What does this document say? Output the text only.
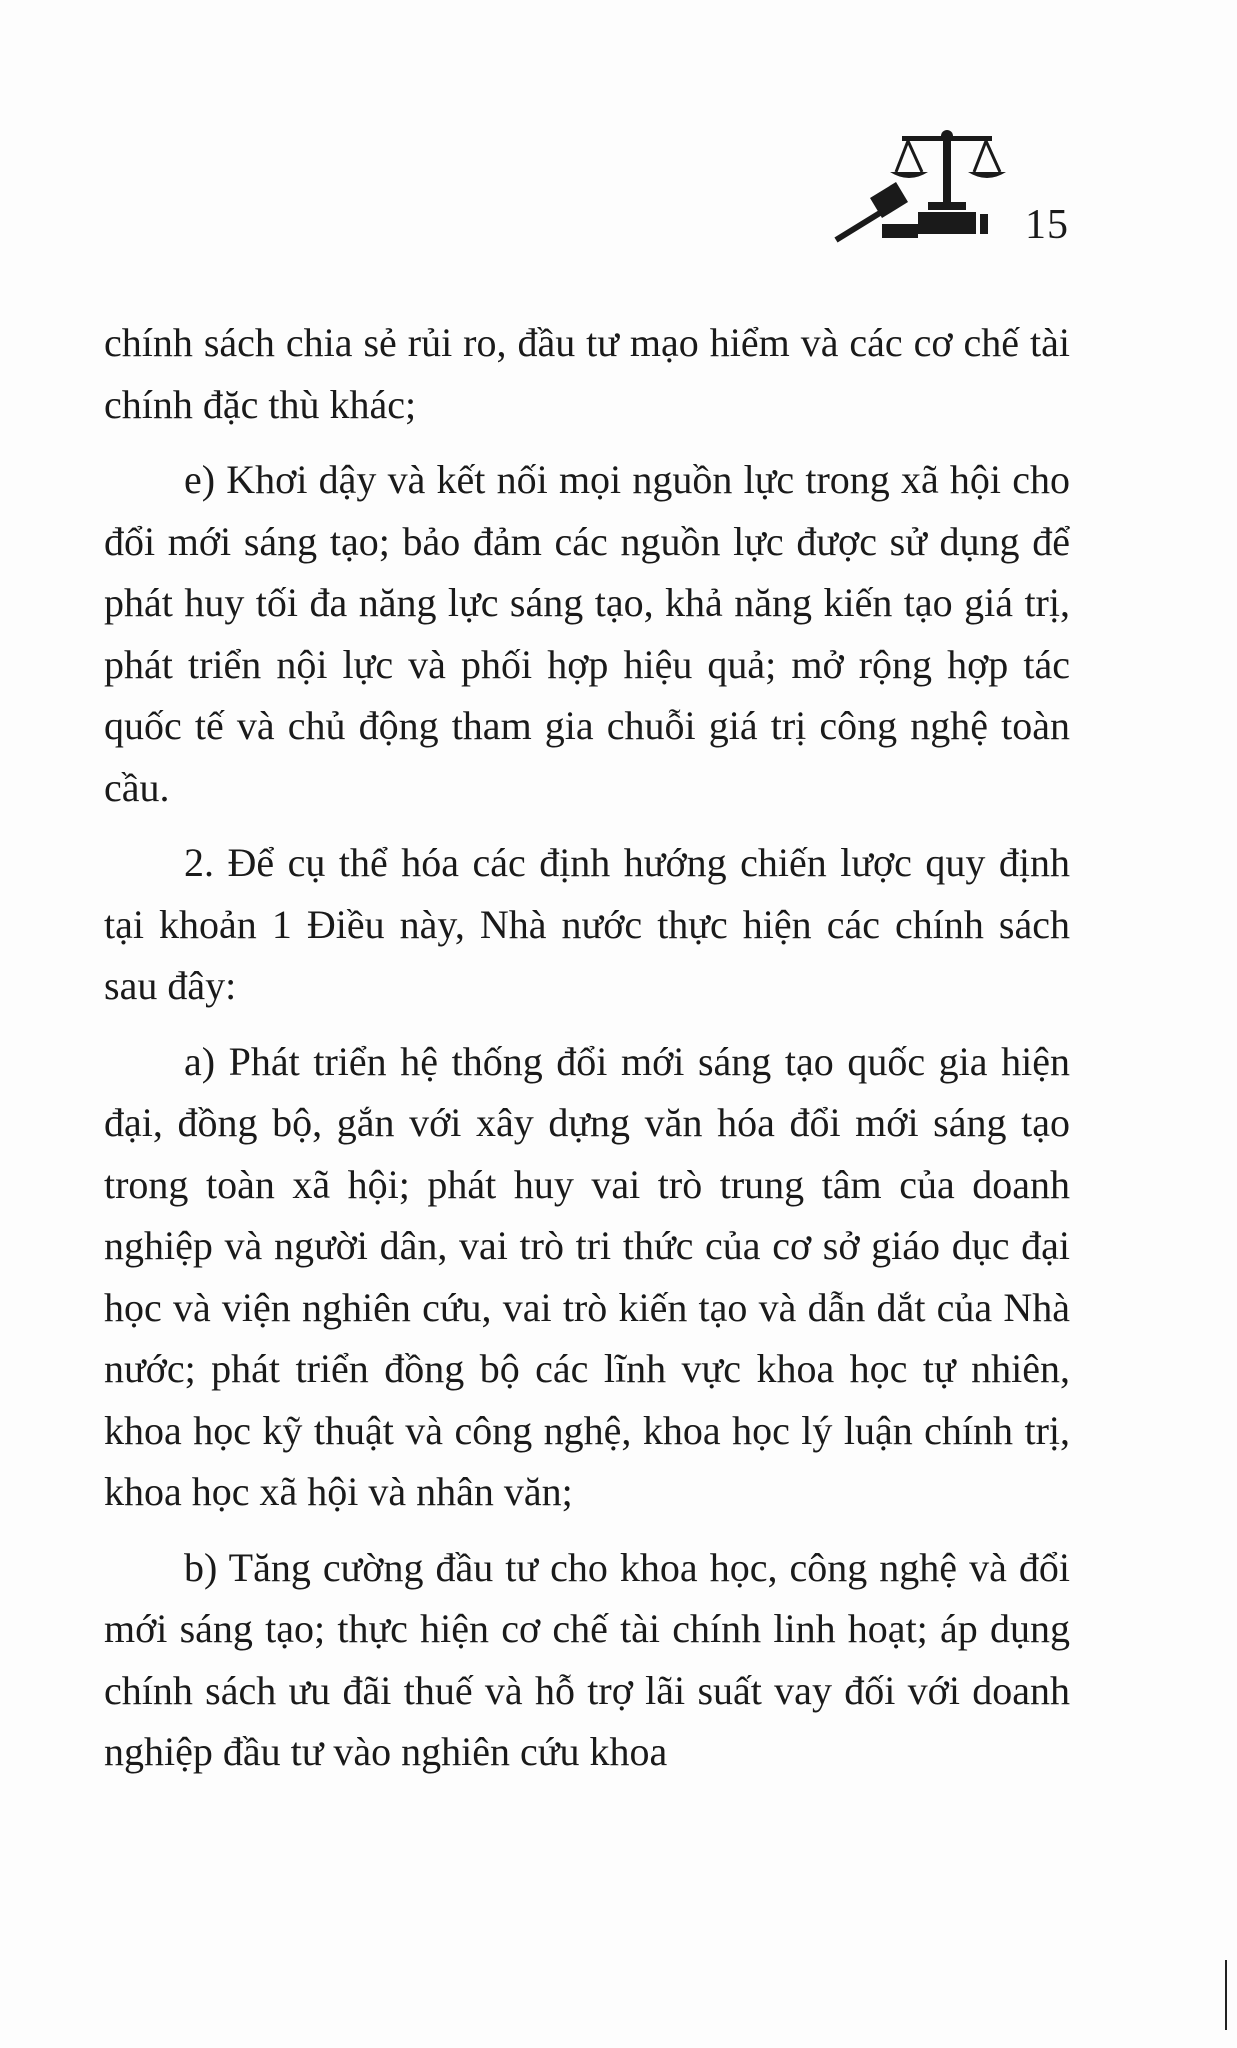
15

chính sách chia sẻ rủi ro, đầu tư mạo hiểm và các cơ chế tài chính đặc thù khác;

e) Khơi dậy và kết nối mọi nguồn lực trong xã hội cho đổi mới sáng tạo; bảo đảm các nguồn lực được sử dụng để phát huy tối đa năng lực sáng tạo, khả năng kiến tạo giá trị, phát triển nội lực và phối hợp hiệu quả; mở rộng hợp tác quốc tế và chủ động tham gia chuỗi giá trị công nghệ toàn cầu.

2. Để cụ thể hóa các định hướng chiến lược quy định tại khoản 1 Điều này, Nhà nước thực hiện các chính sách sau đây:

a) Phát triển hệ thống đổi mới sáng tạo quốc gia hiện đại, đồng bộ, gắn với xây dựng văn hóa đổi mới sáng tạo trong toàn xã hội; phát huy vai trò trung tâm của doanh nghiệp và người dân, vai trò tri thức của cơ sở giáo dục đại học và viện nghiên cứu, vai trò kiến tạo và dẫn dắt của Nhà nước; phát triển đồng bộ các lĩnh vực khoa học tự nhiên, khoa học kỹ thuật và công nghệ, khoa học lý luận chính trị, khoa học xã hội và nhân văn;

b) Tăng cường đầu tư cho khoa học, công nghệ và đổi mới sáng tạo; thực hiện cơ chế tài chính linh hoạt; áp dụng chính sách ưu đãi thuế và hỗ trợ lãi suất vay đối với doanh nghiệp đầu tư vào nghiên cứu khoa
